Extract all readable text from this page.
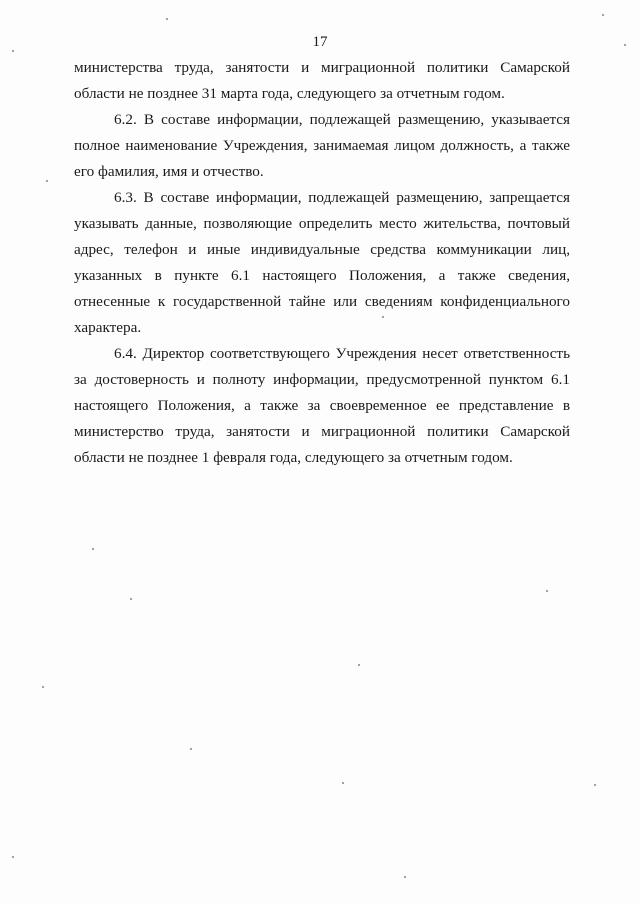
17
министерства труда, занятости и миграционной политики Самарской
области не позднее 31 марта года, следующего за отчетным годом.
6.2. В составе информации, подлежащей размещению, указывается
полное наименование Учреждения, занимаемая лицом должность, а также
его фамилия, имя и отчество.
6.3. В составе информации, подлежащей размещению, запрещается
указывать данные, позволяющие определить место жительства, почтовый
адрес, телефон и иные индивидуальные средства коммуникации лиц,
указанных в пункте 6.1 настоящего Положения, а также сведения,
отнесенные к государственной тайне или сведениям конфиденциального
характера.
6.4. Директор соответствующего Учреждения несет ответственность
за достоверность и полноту информации, предусмотренной пунктом 6.1
настоящего Положения, а также за своевременное ее представление в
министерство труда, занятости и миграционной политики Самарской
области не позднее 1 февраля года, следующего за отчетным годом.
